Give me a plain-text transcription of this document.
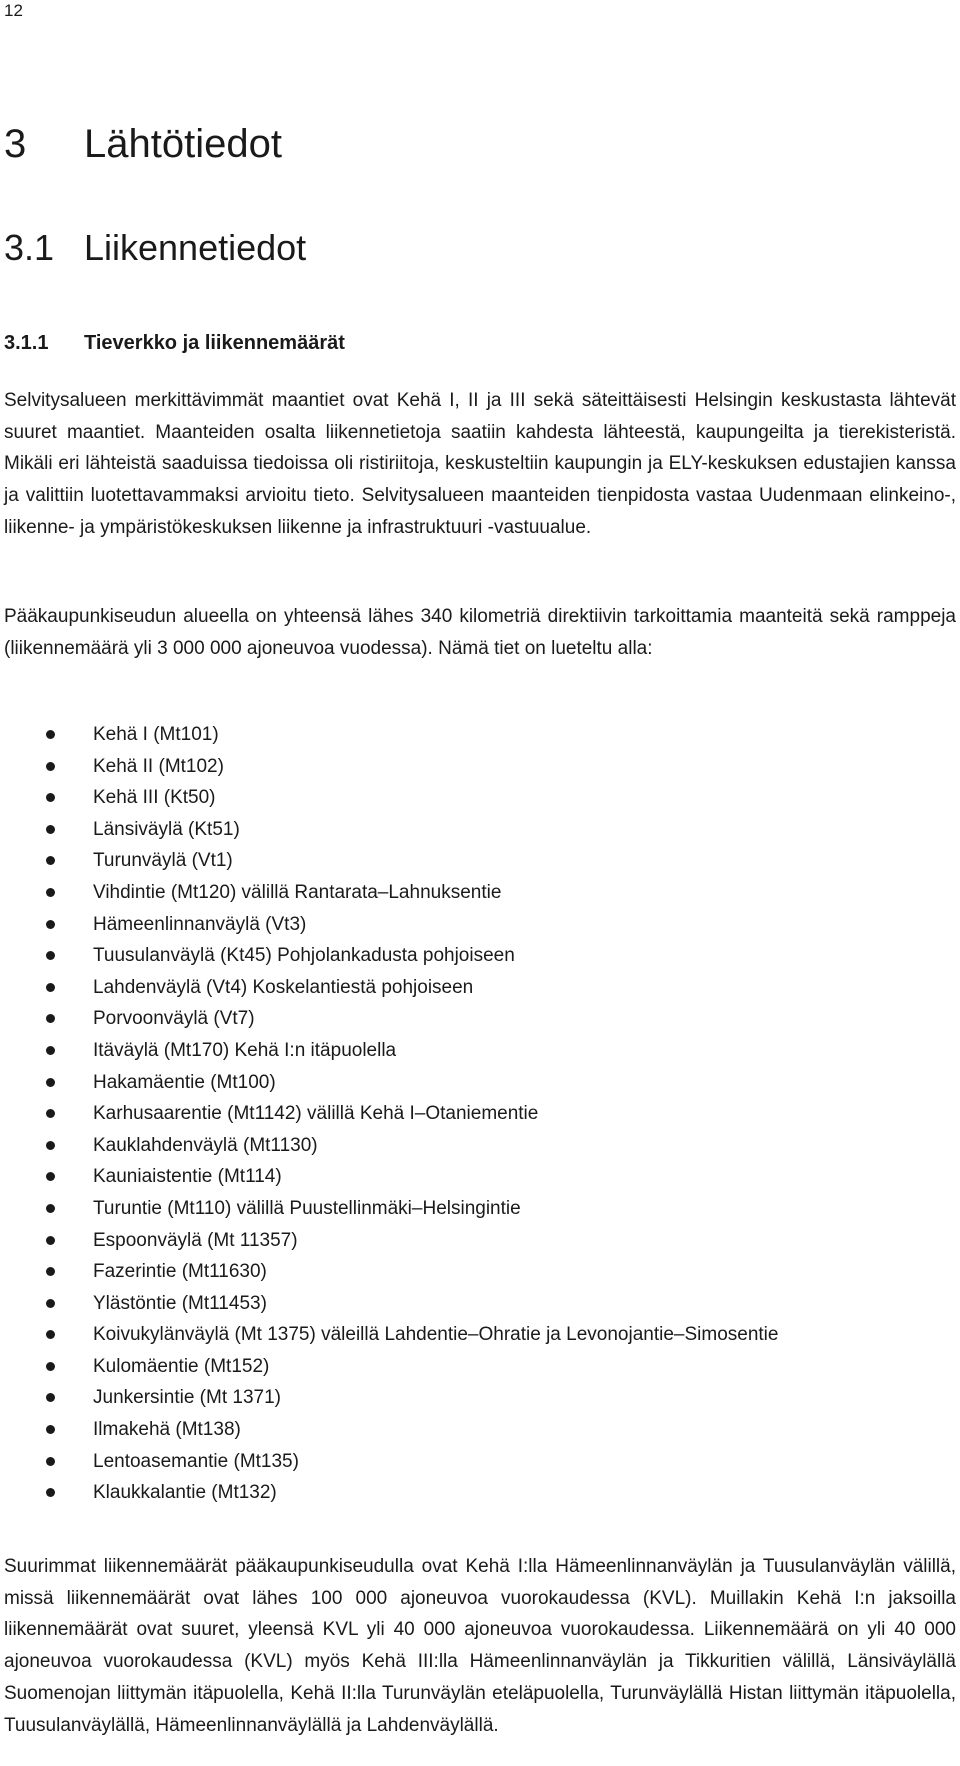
12
3	Lähtötiedot
3.1 Liikennetiedot
3.1.1	Tieverkko ja liikennemäärät

Selvitysalueen merkittävimmät maantiet ovat Kehä I, II ja III sekä säteittäisesti Helsingin keskustasta lähtevät suuret maantiet. Maanteiden osalta liikennetietoja saatiin kahdesta lähteestä, kaupungeilta ja tierekisteristä. Mikäli eri lähteistä saaduissa tiedoissa oli ristiriitoja, keskusteltiin kaupungin ja ELY-keskuksen edustajien kanssa ja valittiin luotettavammaksi arvioitu tieto. Selvitysalueen maanteiden tienpidosta vastaa Uudenmaan elinkeino-, liikenne- ja ympäristökeskuksen liikenne ja infrastruktuuri -vastuualue.

Pääkaupunkiseudun alueella on yhteensä lähes 340 kilometriä direktiivin tarkoittamia maanteitä sekä ramppeja (liikennemäärä yli 3 000 000 ajoneuvoa vuodessa). Nämä tiet on lueteltu alla:

Kehä I (Mt101)
Kehä II (Mt102)
Kehä III (Kt50)
Länsiväylä (Kt51)
Turunväylä (Vt1)
Vihdintie (Mt120) välillä Rantarata–Lahnuksentie
Hämeenlinnanväylä (Vt3)
Tuusulanväylä (Kt45) Pohjolankadusta pohjoiseen
Lahdenväylä (Vt4) Koskelantiestä pohjoiseen
Porvoonväylä (Vt7)
Itäväylä (Mt170) Kehä I:n itäpuolella
Hakamäentie (Mt100)
Karhusaarentie (Mt1142) välillä Kehä I–Otaniementie
Kauklahdenväylä (Mt1130)
Kauniaistentie (Mt114)
Turuntie (Mt110) välillä Puustellinmäki–Helsingintie
Espoonväylä (Mt 11357)
Fazerintie (Mt11630)
Ylästöntie (Mt11453)
Koivukylänväylä (Mt 1375) väleillä Lahdentie–Ohratie ja Levonojantie–Simosentie
Kulomäentie (Mt152)
Junkersintie (Mt 1371)
Ilmakehä (Mt138)
Lentoasemantie (Mt135)
Klaukkalantie (Mt132)

Suurimmat liikennemäärät pääkaupunkiseudulla ovat Kehä I:lla Hämeenlinnanväylän ja Tuusulanväylän välillä, missä liikennemäärät ovat lähes 100 000 ajoneuvoa vuorokaudessa (KVL). Muillakin Kehä I:n jaksoilla liikennemäärät ovat suuret, yleensä KVL yli 40 000 ajoneuvoa vuorokaudessa. Liikennemäärä on yli 40 000 ajoneuvoa vuorokaudessa (KVL) myös Kehä III:lla Hämeenlinnanväylän ja Tikkuritien välillä, Länsiväylällä Suomenojan liittymän itäpuolella, Kehä II:lla Turunväylän eteläpuolella, Turunväylällä Histan liittymän itäpuolella, Tuusulanväylällä, Hämeenlinnanväylällä ja Lahdenväylällä.
